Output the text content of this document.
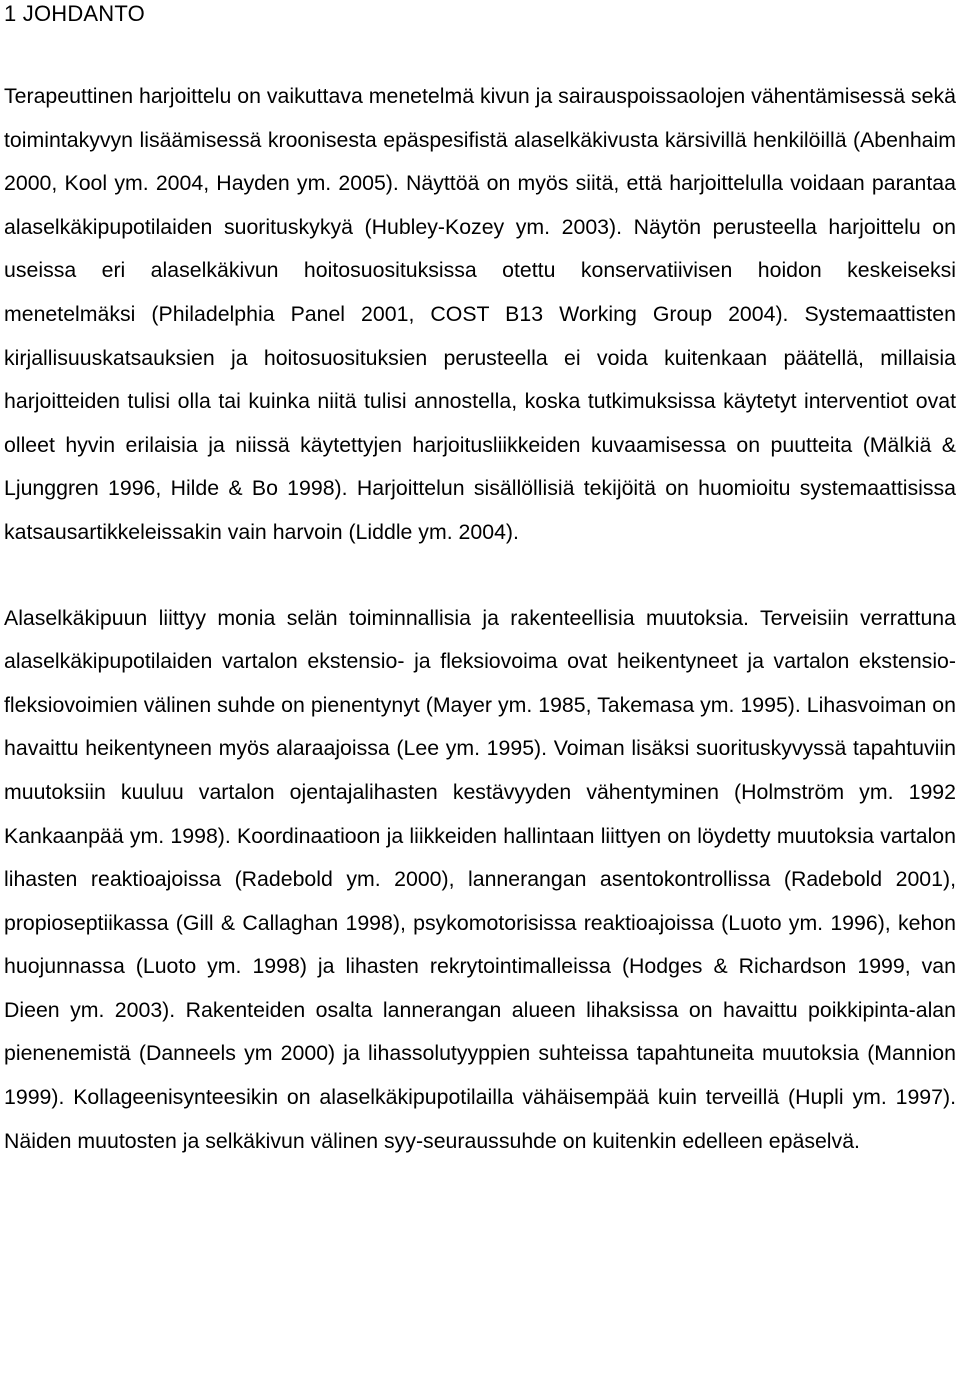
1 JOHDANTO

Terapeuttinen harjoittelu on vaikuttava menetelmä kivun ja sairauspoissaolojen vähentämisessä sekä toimintakyvyn lisäämisessä kroonisesta epäspesifistä alaselkäkivusta kärsivillä henkilöillä (Abenhaim 2000, Kool ym. 2004, Hayden ym. 2005). Näyttöä on myös siitä, että harjoittelulla voidaan parantaa alaselkäkipupotilaiden suorituskykyä (Hubley-Kozey ym. 2003). Näytön perusteella harjoittelu on useissa eri alaselkäkivun hoitosuosituksissa otettu konservatiivisen hoidon keskeiseksi menetelmäksi (Philadelphia Panel 2001, COST B13 Working Group 2004). Systemaattisten kirjallisuuskatsauksien ja hoitosuosituksien perusteella ei voida kuitenkaan päätellä, millaisia harjoitteiden tulisi olla tai kuinka niitä tulisi annostella, koska tutkimuksissa käytetyt interventiot ovat olleet hyvin erilaisia ja niissä käytettyjen harjoitusliikkeiden kuvaamisessa on puutteita (Mälkiä & Ljunggren 1996, Hilde & Bo 1998). Harjoittelun sisällöllisiä tekijöitä on huomioitu systemaattisissa katsausartikkeleissakin vain harvoin (Liddle ym. 2004).

Alaselkäkipuun liittyy monia selän toiminnallisia ja rakenteellisia muutoksia. Terveisiin verrattuna alaselkäkipupotilaiden vartalon ekstensio- ja fleksiovoima ovat heikentyneet ja vartalon ekstensio-fleksiovoimien välinen suhde on pienentynyt (Mayer ym. 1985, Takemasa ym. 1995). Lihasvoiman on havaittu heikentyneen myös alaraajoissa (Lee ym. 1995). Voiman lisäksi suorituskyvyssä tapahtuviin muutoksiin kuuluu vartalon ojentajalihasten kestävyyden vähentyminen (Holmström ym. 1992 Kankaanpää ym. 1998). Koordinaatioon ja liikkeiden hallintaan liittyen on löydetty muutoksia vartalon lihasten reaktioajoissa (Radebold ym. 2000), lannerangan asentokontrollissa (Radebold 2001), propioseptiikassa (Gill & Callaghan 1998), psykomotorisissa reaktioajoissa (Luoto ym. 1996), kehon huojunnassa (Luoto ym. 1998) ja lihasten rekrytointimalleissa (Hodges & Richardson 1999, van Dieen ym. 2003). Rakenteiden osalta lannerangan alueen lihaksissa on havaittu poikkipinta-alan pienenemistä (Danneels ym 2000) ja lihassolutyyppien suhteissa tapahtuneita muutoksia (Mannion 1999). Kollageenisynteesikin on alaselkäkipupotilailla vähäisempää kuin terveillä (Hupli ym. 1997). Näiden muutosten ja selkäkivun välinen syy-seuraussuhde on kuitenkin edelleen epäselvä.
